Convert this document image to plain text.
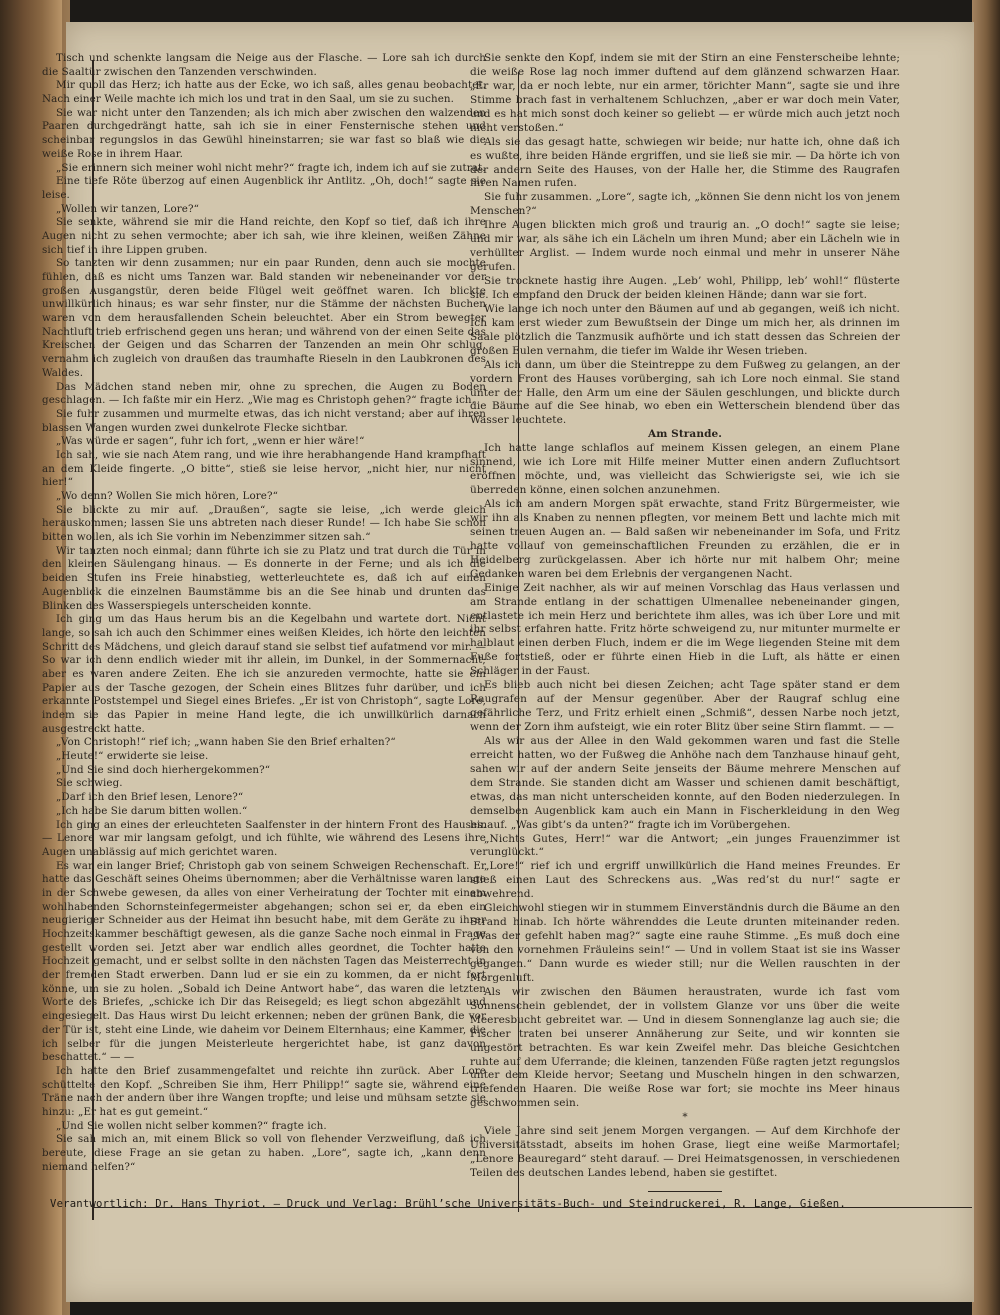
Tisch und schenkte langsam die Neige aus der Flasche. — Lore sah ich durch die Saaltür zwischen den Tanzenden verschwinden.

Mir quoll das Herz; ich hatte aus der Ecke, wo ich saß, alles genau beobachtet. Nach einer Weile machte ich mich los und trat in den Saal, um sie zu suchen.

Sie war nicht unter den Tanzenden; als ich mich aber zwischen den walzenden Paaren durchgedrängt hatte, sah ich sie in einer Fensternische stehen und scheinbar regungslos in das Gewühl hineinstarren; sie war fast so blaß wie die weiße Rose in ihrem Haar.

„Sie erinnern sich meiner wohl nicht mehr?“ fragte ich, indem ich auf sie zutrat.

Eine tiefe Röte überzog auf einen Augenblick ihr Antlitz. „Oh, doch!“ sagte sie leise.

„Wollen wir tanzen, Lore?“

Sie senkte, während sie mir die Hand reichte, den Kopf so tief, daß ich ihre Augen nicht zu sehen vermochte; aber ich sah, wie ihre kleinen, weißen Zähne sich tief in ihre Lippen gruben.

So tanzten wir denn zusammen; nur ein paar Runden, denn auch sie mochte fühlen, daß es nicht ums Tanzen war. Bald standen wir nebeneinander vor der großen Ausgangstür, deren beide Flügel weit geöffnet waren. Ich blickte unwillkürlich hinaus; es war sehr finster, nur die Stämme der nächsten Buchen waren von dem herausfallenden Schein beleuchtet. Aber ein Strom bewegter Nachtluft trieb erfrischend gegen uns heran; und während von der einen Seite das Kreischen der Geigen und das Scharren der Tanzenden an mein Ohr schlug, vernahm ich zugleich von draußen das traumhafte Rieseln in den Laubkronen des Waldes.

Das Mädchen stand neben mir, ohne zu sprechen, die Augen zu Boden geschlagen. — Ich faßte mir ein Herz. „Wie mag es Christoph gehen?“ fragte ich.

Sie fuhr zusammen und murmelte etwas, das ich nicht verstand; aber auf ihren blassen Wangen wurden zwei dunkelrote Flecke sichtbar.

„Was würde er sagen“, fuhr ich fort, „wenn er hier wäre!“

Ich sah, wie sie nach Atem rang, und wie ihre herabhangende Hand krampfhaft an dem Kleide fingerte. „O bitte“, stieß sie leise hervor, „nicht hier, nur nicht hier!“

„Wo denn? Wollen Sie mich hören, Lore?“

Sie blickte zu mir auf. „Draußen“, sagte sie leise, „ich werde gleich herauskommen; lassen Sie uns abtreten nach dieser Runde! — Ich habe Sie schon bitten wollen, als ich Sie vorhin im Nebenzimmer sitzen sah.“

Wir tanzten noch einmal; dann führte ich sie zu Platz und trat durch die Tür in den kleinen Säulengang hinaus. — Es donnerte in der Ferne; und als ich die beiden Stufen ins Freie hinabstieg, wetterleuchtete es, daß ich auf einen Augenblick die einzelnen Baumstämme bis an die See hinab und drunten das Blinken des Wasserspiegels unterscheiden konnte.

Ich ging um das Haus herum bis an die Kegelbahn und wartete dort. Nicht lange, so sah ich auch den Schimmer eines weißen Kleides, ich hörte den leichten Schritt des Mädchens, und gleich darauf stand sie selbst tief aufatmend vor mir. — So war ich denn endlich wieder mit ihr allein, im Dunkel, in der Sommernacht; aber es waren andere Zeiten. Ehe ich sie anzureden vermochte, hatte sie ein Papier aus der Tasche gezogen, der Schein eines Blitzes fuhr darüber, und ich erkannte Poststempel und Siegel eines Briefes. „Er ist von Christoph“, sagte Lore, indem sie das Papier in meine Hand legte, die ich unwillkürlich darnach ausgestreckt hatte.

„Von Christoph!“ rief ich; „wann haben Sie den Brief erhalten?“

„Heute!“ erwiderte sie leise.

„Und Sie sind doch hierhergekommen?“

Sie schwieg.

„Darf ich den Brief lesen, Lenore?“

„Ich habe Sie darum bitten wollen.“

Ich ging an eines der erleuchteten Saalfenster in der hintern Front des Hauses. — Lenore war mir langsam gefolgt, und ich fühlte, wie während des Lesens ihre Augen unablässig auf mich gerichtet waren.

Es war ein langer Brief; Christoph gab von seinem Schweigen Rechenschaft. Er hatte das Geschäft seines Oheims übernommen; aber die Verhältnisse waren lange in der Schwebe gewesen, da alles von einer Verheiratung der Tochter mit einem wohlhabenden Schornsteinfegermeister abgehangen; schon sei er, da eben ein neugieriger Schneider aus der Heimat ihn besucht habe, mit dem Geräte zu ihrer Hochzeitskammer beschäftigt gewesen, als die ganze Sache noch einmal in Frage gestellt worden sei. Jetzt aber war endlich alles geordnet, die Tochter hatte Hochzeit gemacht, und er selbst sollte in den nächsten Tagen das Meisterrecht in der fremden Stadt erwerben. Dann lud er sie ein zu kommen, da er nicht fort könne, um sie zu holen. „Sobald ich Deine Antwort habe“, das waren die letzten Worte des Briefes, „schicke ich Dir das Reisegeld; es liegt schon abgezählt und eingesiegelt. Das Haus wirst Du leicht erkennen; neben der grünen Bank, die vor der Tür ist, steht eine Linde, wie daheim vor Deinem Elternhaus; eine Kammer, die ich selber für die jungen Meisterleute hergerichtet habe, ist ganz davon beschattet.“ — —

Ich hatte den Brief zusammengefaltet und reichte ihn zurück. Aber Lore schüttelte den Kopf. „Schreiben Sie ihm, Herr Philipp!“ sagte sie, während eine Träne nach der andern über ihre Wangen tropfte; und leise und mühsam setzte sie hinzu: „Er hat es gut gemeint.“

„Und Sie wollen nicht selber kommen?“ fragte ich.

Sie sah mich an, mit einem Blick so voll von flehender Verzweiflung, daß ich bereute, diese Frage an sie getan zu haben. „Lore“, sagte ich, „kann denn niemand helfen?“

Sie senkte den Kopf, indem sie mit der Stirn an eine Fensterscheibe lehnte; die weiße Rose lag noch immer duftend auf dem glänzend schwarzen Haar. „Er war, da er noch lebte, nur ein armer, törichter Mann“, sagte sie und ihre Stimme brach fast in verhaltenem Schluchzen, „aber er war doch mein Vater, und es hat mich sonst doch keiner so geliebt — er würde mich auch jetzt noch nicht verstoßen.“

Als sie das gesagt hatte, schwiegen wir beide; nur hatte ich, ohne daß ich es wußte, ihre beiden Hände ergriffen, und sie ließ sie mir. — Da hörte ich von der andern Seite des Hauses, von der Halle her, die Stimme des Raugrafen ihren Namen rufen.

Sie fuhr zusammen. „Lore“, sagte ich, „können Sie denn nicht los von jenem Menschen?“

Ihre Augen blickten mich groß und traurig an. „O doch!“ sagte sie leise; und mir war, als sähe ich ein Lächeln um ihren Mund; aber ein Lächeln wie in verhüllter Arglist. — Indem wurde noch einmal und mehr in unserer Nähe gerufen.

Sie trocknete hastig ihre Augen. „Leb’ wohl, Philipp, leb’ wohl!“ flüsterte sie. Ich empfand den Druck der beiden kleinen Hände; dann war sie fort.

Wie lange ich noch unter den Bäumen auf und ab gegangen, weiß ich nicht. Ich kam erst wieder zum Bewußtsein der Dinge um mich her, als drinnen im Saale plötzlich die Tanzmusik aufhörte und ich statt dessen das Schreien der großen Eulen vernahm, die tiefer im Walde ihr Wesen trieben.

Als ich dann, um über die Steintreppe zu dem Fußweg zu gelangen, an der vordern Front des Hauses vorüberging, sah ich Lore noch einmal. Sie stand unter der Halle, den Arm um eine der Säulen geschlungen, und blickte durch die Bäume auf die See hinab, wo eben ein Wetterschein blendend über das Wasser leuchtete.

Am Strande.

Ich hatte lange schlaflos auf meinem Kissen gelegen, an einem Plane sinnend, wie ich Lore mit Hilfe meiner Mutter einen andern Zufluchtsort eröffnen möchte, und, was vielleicht das Schwierigste sei, wie ich sie überreden könne, einen solchen anzunehmen.

Als ich am andern Morgen spät erwachte, stand Fritz Bürgermeister, wie wir ihn als Knaben zu nennen pflegten, vor meinem Bett und lachte mich mit seinen treuen Augen an. — Bald saßen wir nebeneinander im Sofa, und Fritz hatte vollauf von gemeinschaftlichen Freunden zu erzählen, die er in Heidelberg zurückgelassen. Aber ich hörte nur mit halbem Ohr; meine Gedanken waren bei dem Erlebnis der vergangenen Nacht.

Einige Zeit nachher, als wir auf meinen Vorschlag das Haus verlassen und am Strande entlang in der schattigen Ulmenallee nebeneinander gingen, entlastete ich mein Herz und berichtete ihm alles, was ich über Lore und mit ihr selbst erfahren hatte. Fritz hörte schweigend zu, nur mitunter murmelte er halblaut einen derben Fluch, indem er die im Wege liegenden Steine mit dem Fuße fortstieß, oder er führte einen Hieb in die Luft, als hätte er einen Schläger in der Faust.

Es blieb auch nicht bei diesen Zeichen; acht Tage später stand er dem Raugrafen auf der Mensur gegenüber. Aber der Raugraf schlug eine gefährliche Terz, und Fritz erhielt einen „Schmiß“, dessen Narbe noch jetzt, wenn der Zorn ihm aufsteigt, wie ein roter Blitz über seine Stirn flammt. — —

Als wir aus der Allee in den Wald gekommen waren und fast die Stelle erreicht hatten, wo der Fußweg die Anhöhe nach dem Tanzhause hinauf geht, sahen wir auf der andern Seite jenseits der Bäume mehrere Menschen auf dem Strande. Sie standen dicht am Wasser und schienen damit beschäftigt, etwas, das man nicht unterscheiden konnte, auf den Boden niederzulegen. In demselben Augenblick kam auch ein Mann in Fischerkleidung in den Weg hinauf. „Was gibt’s da unten?“ fragte ich im Vorübergehen.

„Nichts Gutes, Herr!“ war die Antwort; „ein junges Frauenzimmer ist verunglückt.“

„Lore!“ rief ich und ergriff unwillkürlich die Hand meines Freundes. Er stieß einen Laut des Schreckens aus. „Was red’st du nur!“ sagte er abwehrend.

Gleichwohl stiegen wir in stummem Einverständnis durch die Bäume an den Strand hinab. Ich hörte währenddes die Leute drunten miteinander reden. „Was der gefehlt haben mag?“ sagte eine rauhe Stimme. „Es muß doch eine von den vornehmen Fräuleins sein!“ — Und in vollem Staat ist sie ins Wasser gegangen.“ Dann wurde es wieder still; nur die Wellen rauschten in der Morgenluft.

Als wir zwischen den Bäumen heraustraten, wurde ich fast vom Sonnenschein geblendet, der in vollstem Glanze vor uns über die weite Meeresbucht gebreitet war. — Und in diesem Sonnenglanze lag auch sie; die Fischer traten bei unserer Annäherung zur Seite, und wir konnten sie ungestört betrachten. Es war kein Zweifel mehr. Das bleiche Gesichtchen ruhte auf dem Uferrande; die kleinen, tanzenden Füße ragten jetzt regungslos unter dem Kleide hervor; Seetang und Muscheln hingen in den schwarzen, triefenden Haaren. Die weiße Rose war fort; sie mochte ins Meer hinaus geschwommen sein.

*

Viele Jahre sind seit jenem Morgen vergangen. — Auf dem Kirchhofe der Universitätsstadt, abseits im hohen Grase, liegt eine weiße Marmortafel; „Lenore Beauregard“ steht darauf. — Drei Heimatsgenossen, in verschiedenen Teilen des deutschen Landes lebend, haben sie gestiftet.

Verantwortlich: Dr. Hans Thyriot. — Druck und Verlag: Brühl’sche Universitäts-Buch- und Steindruckerei, R. Lange, Gießen.
